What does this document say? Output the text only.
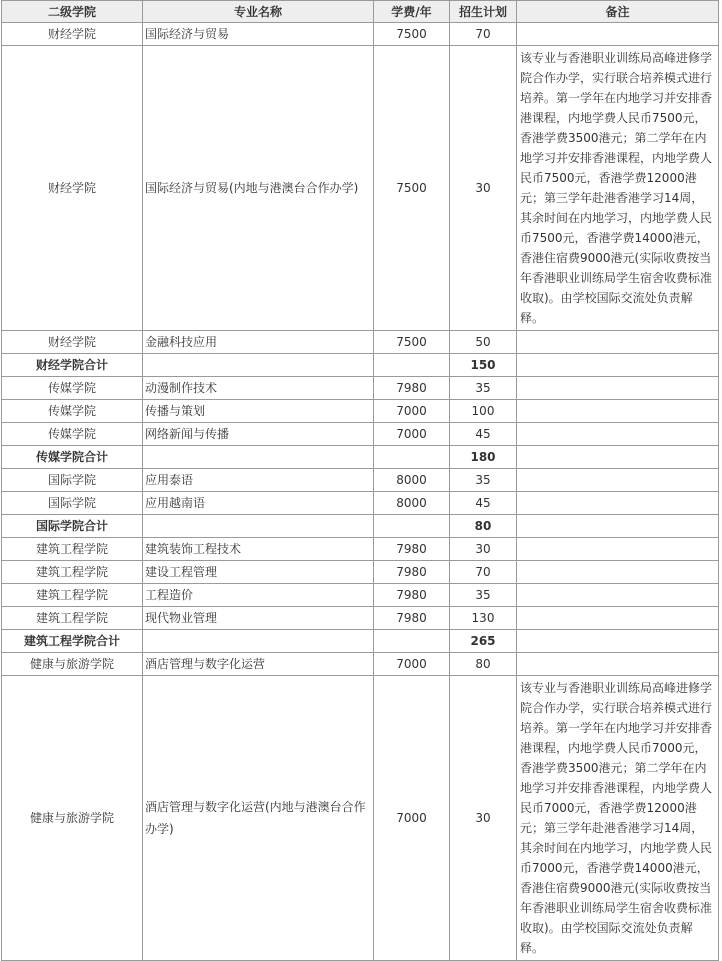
二级学院	专业名称	学费/年	招生计划	备注
财经学院	国际经济与贸易	7500	70	
财经学院	国际经济与贸易(内地与港澳台合作办学)	7500	30	该专业与香港职业训练局高峰进修学院合作办学，实行联合培养模式进行培养。第一学年在内地学习并安排香港课程，内地学费人民币7500元，香港学费3500港元；第二学年在内地学习并安排香港课程，内地学费人民币7500元，香港学费12000港元；第三学年赴港香港学习14周，其余时间在内地学习，内地学费人民币7500元，香港学费14000港元，香港住宿费9000港元(实际收费按当年香港职业训练局学生宿舍收费标准收取)。由学校国际交流处负责解释。
财经学院	金融科技应用	7500	50	
财经学院合计			150	
传媒学院	动漫制作技术	7980	35	
传媒学院	传播与策划	7000	100	
传媒学院	网络新闻与传播	7000	45	
传媒学院合计			180	
国际学院	应用泰语	8000	35	
国际学院	应用越南语	8000	45	
国际学院合计			80	
建筑工程学院	建筑装饰工程技术	7980	30	
建筑工程学院	建设工程管理	7980	70	
建筑工程学院	工程造价	7980	35	
建筑工程学院	现代物业管理	7980	130	
建筑工程学院合计			265	
健康与旅游学院	酒店管理与数字化运营	7000	80	
健康与旅游学院	酒店管理与数字化运营(内地与港澳台合作办学)	7000	30	该专业与香港职业训练局高峰进修学院合作办学，实行联合培养模式进行培养。第一学年在内地学习并安排香港课程，内地学费人民币7000元，香港学费3500港元；第二学年在内地学习并安排香港课程，内地学费人民币7000元，香港学费12000港元；第三学年赴港香港学习14周，其余时间在内地学习，内地学费人民币7000元，香港学费14000港元，香港住宿费9000港元(实际收费按当年香港职业训练局学生宿舍收费标准收取)。由学校国际交流处负责解释。
